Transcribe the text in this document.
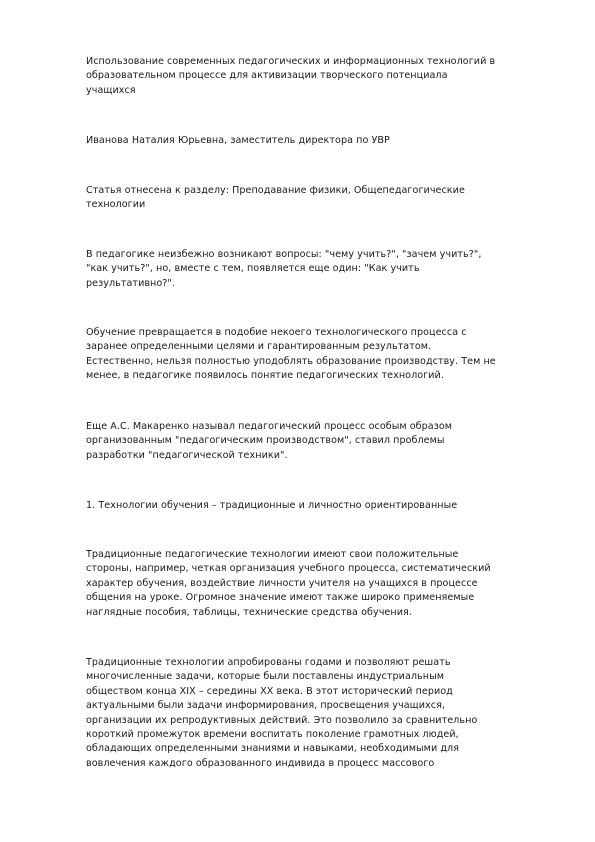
Использование современных педагогических и информационных технологий в
образовательном процессе для активизации творческого потенциала
учащихся
Иванова Наталия Юрьевна, заместитель директора по УВР
Статья отнесена к разделу: Преподавание физики, Общепедагогические
технологии
В педагогике неизбежно возникают вопросы: "чему учить?", "зачем учить?",
"как учить?", но, вместе с тем, появляется еще один: "Как учить
результативно?".
Обучение превращается в подобие некоего технологического процесса с
заранее определенными целями и гарантированным результатом.
Естественно, нельзя полностью уподоблять образование производству. Тем не
менее, в педагогике появилось понятие педагогических технологий.
Еще А.С. Макаренко называл педагогический процесс особым образом
организованным "педагогическим производством", ставил проблемы
разработки "педагогической техники".
1. Технологии обучения – традиционные и личностно ориентированные
Традиционные педагогические технологии имеют свои положительные
стороны, например, четкая организация учебного процесса, систематический
характер обучения, воздействие личности учителя на учащихся в процессе
общения на уроке. Огромное значение имеют также широко применяемые
наглядные пособия, таблицы, технические средства обучения.
Традиционные технологии апробированы годами и позволяют решать
многочисленные задачи, которые были поставлены индустриальным
обществом конца XIX – середины XX века. В этот исторический период
актуальными были задачи информирования, просвещения учащихся,
организации их репродуктивных действий. Это позволило за сравнительно
короткий промежуток времени воспитать поколение грамотных людей,
обладающих определенными знаниями и навыками, необходимыми для
вовлечения каждого образованного индивида в процесс массового
